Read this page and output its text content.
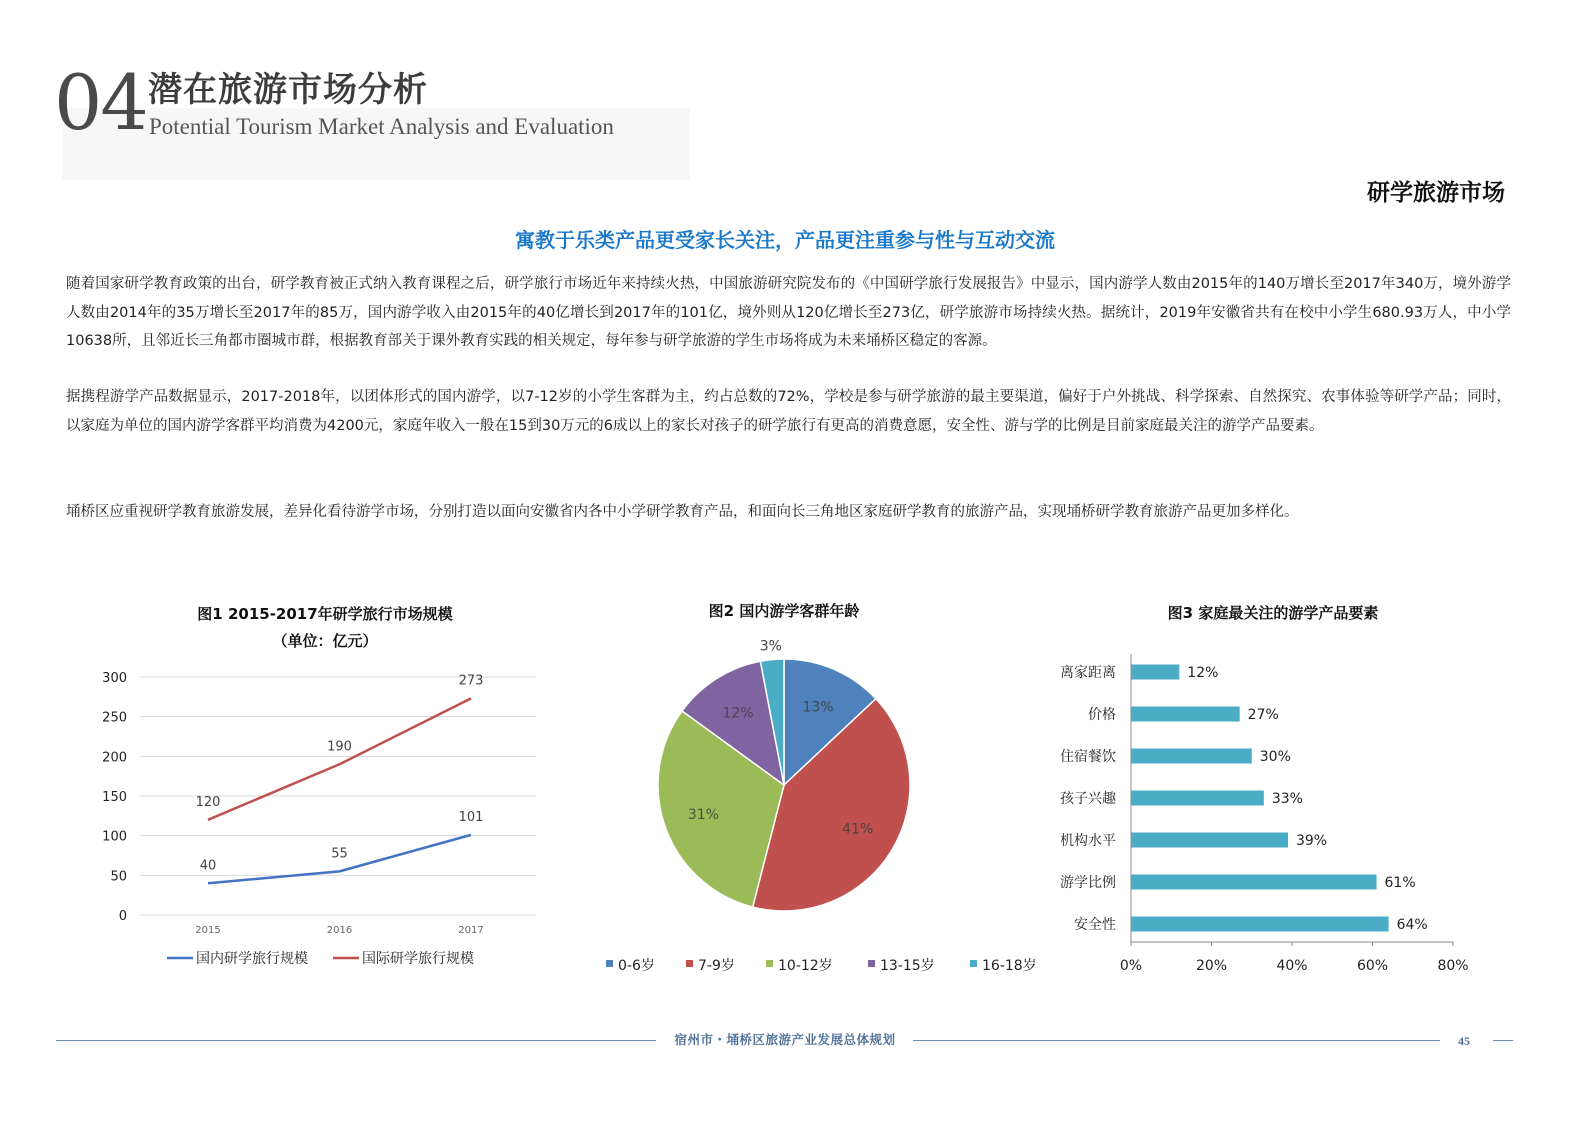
04 潜在旅游市场分析
Potential Tourism Market Analysis and Evaluation
研学旅游市场
寓教于乐类产品更受家长关注，产品更注重参与性与互动交流

随着国家研学教育政策的出台，研学教育被正式纳入教育课程之后，研学旅行市场近年来持续火热，中国旅游研究院发布的《中国研学旅行发展报告》中显示，国内游学人数由2015年的140万增长至2017年340万，境外游学人数由2014年的35万增长至2017年的85万，国内游学收入由2015年的40亿增长到2017年的101亿，境外则从120亿增长至273亿，研学旅游市场持续火热。据统计，2019年安徽省共有在校中小学生680.93万人，中小学10638所，且邻近长三角都市圈城市群，根据教育部关于课外教育实践的相关规定，每年参与研学旅游的学生市场将成为未来埇桥区稳定的客源。

据携程游学产品数据显示，2017-2018年，以团体形式的国内游学，以7-12岁的小学生客群为主，约占总数的72%，学校是参与研学旅游的最主要渠道，偏好于户外挑战、科学探索、自然探究、农事体验等研学产品；同时，以家庭为单位的国内游学客群平均消费为4200元，家庭年收入一般在15到30万元的6成以上的家长对孩子的研学旅行有更高的消费意愿，安全性、游与学的比例是目前家庭最关注的游学产品要素。

埇桥区应重视研学教育旅游发展，差异化看待游学市场，分别打造以面向安徽省内各中小学研学教育产品，和面向长三角地区家庭研学教育的旅游产品，实现埇桥研学教育旅游产品更加多样化。

图1 2015-2017年研学旅行市场规模
（单位：亿元）
0
50
100
150
200
250
300
2015	2016	2017
40
55
101
国内研学旅行规模
120
190
273
国际研学旅行规模
图2 国内游学客群年龄
13%
41%
31%
12%
3%
0-6岁	7-9岁	10-12岁	13-15岁	16-18岁
图3 家庭最关注的游学产品要素
0%	20%	40%	60%	80%
离家距离	12%
价格	27%
住宿餐饮	30%
孩子兴趣	33%
机构水平	39%
游学比例	61%
安全性	64%
宿州市・埇桥区旅游产业发展总体规划	45
